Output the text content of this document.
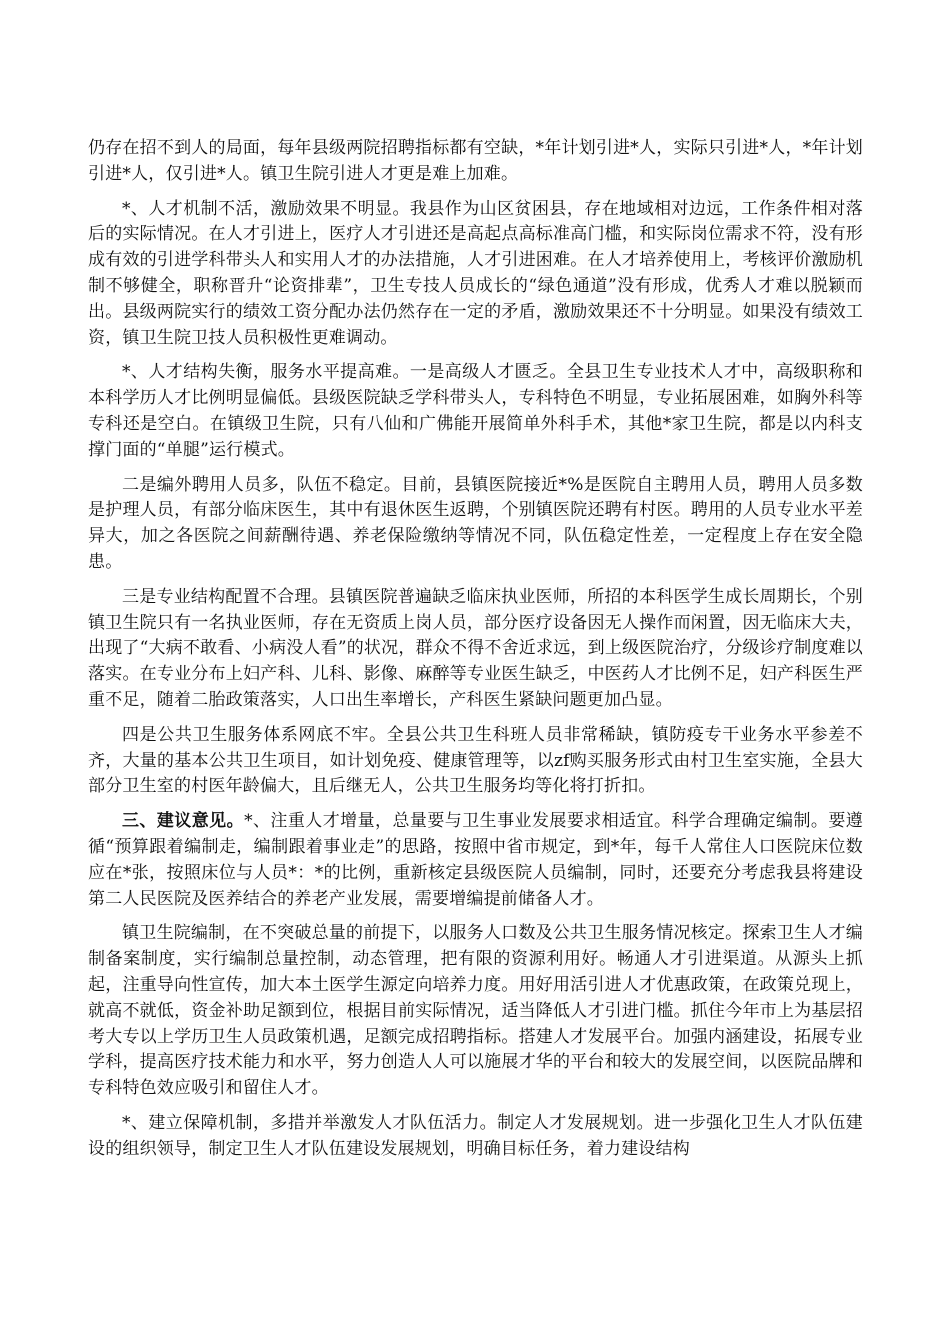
仍存在招不到人的局面，每年县级两院招聘指标都有空缺，*年计划引进*人，实际只引进*人，*年计划引进*人，仅引进*人。镇卫生院引进人才更是难上加难。

*、人才机制不活，激励效果不明显。我县作为山区贫困县，存在地域相对边远，工作条件相对落后的实际情况。在人才引进上，医疗人才引进还是高起点高标准高门槛，和实际岗位需求不符，没有形成有效的引进学科带头人和实用人才的办法措施，人才引进困难。在人才培养使用上，考核评价激励机制不够健全，职称晋升“论资排辈”，卫生专技人员成长的“绿色通道”没有形成，优秀人才难以脱颖而出。县级两院实行的绩效工资分配办法仍然存在一定的矛盾，激励效果还不十分明显。如果没有绩效工资，镇卫生院卫技人员积极性更难调动。

*、人才结构失衡，服务水平提高难。一是高级人才匮乏。全县卫生专业技术人才中，高级职称和本科学历人才比例明显偏低。县级医院缺乏学科带头人，专科特色不明显，专业拓展困难，如胸外科等专科还是空白。在镇级卫生院，只有八仙和广佛能开展简单外科手术，其他*家卫生院，都是以内科支撑门面的“单腿”运行模式。

二是编外聘用人员多，队伍不稳定。目前，县镇医院接近*%是医院自主聘用人员，聘用人员多数是护理人员，有部分临床医生，其中有退休医生返聘，个别镇医院还聘有村医。聘用的人员专业水平差异大，加之各医院之间薪酬待遇、养老保险缴纳等情况不同，队伍稳定性差，一定程度上存在安全隐患。

三是专业结构配置不合理。县镇医院普遍缺乏临床执业医师，所招的本科医学生成长周期长，个别镇卫生院只有一名执业医师，存在无资质上岗人员，部分医疗设备因无人操作而闲置，因无临床大夫，出现了“大病不敢看、小病没人看”的状况，群众不得不舍近求远，到上级医院治疗，分级诊疗制度难以落实。在专业分布上妇产科、儿科、影像、麻醉等专业医生缺乏，中医药人才比例不足，妇产科医生严重不足，随着二胎政策落实，人口出生率增长，产科医生紧缺问题更加凸显。

四是公共卫生服务体系网底不牢。全县公共卫生科班人员非常稀缺，镇防疫专干业务水平参差不齐，大量的基本公共卫生项目，如计划免疫、健康管理等，以zf购买服务形式由村卫生室实施，全县大部分卫生室的村医年龄偏大，且后继无人，公共卫生服务均等化将打折扣。

三、建议意见。*、注重人才增量，总量要与卫生事业发展要求相适宜。科学合理确定编制。要遵循“预算跟着编制走，编制跟着事业走”的思路，按照中省市规定，到*年，每千人常住人口医院床位数应在*张，按照床位与人员*：*的比例，重新核定县级医院人员编制，同时，还要充分考虑我县将建设第二人民医院及医养结合的养老产业发展，需要增编提前储备人才。

镇卫生院编制，在不突破总量的前提下，以服务人口数及公共卫生服务情况核定。探索卫生人才编制备案制度，实行编制总量控制，动态管理，把有限的资源利用好。畅通人才引进渠道。从源头上抓起，注重导向性宣传，加大本土医学生源定向培养力度。用好用活引进人才优惠政策，在政策兑现上，就高不就低，资金补助足额到位，根据目前实际情况，适当降低人才引进门槛。抓住今年市上为基层招考大专以上学历卫生人员政策机遇，足额完成招聘指标。搭建人才发展平台。加强内涵建设，拓展专业学科，提高医疗技术能力和水平，努力创造人人可以施展才华的平台和较大的发展空间，以医院品牌和专科特色效应吸引和留住人才。

*、建立保障机制，多措并举激发人才队伍活力。制定人才发展规划。进一步强化卫生人才队伍建设的组织领导，制定卫生人才队伍建设发展规划，明确目标任务，着力建设结构
